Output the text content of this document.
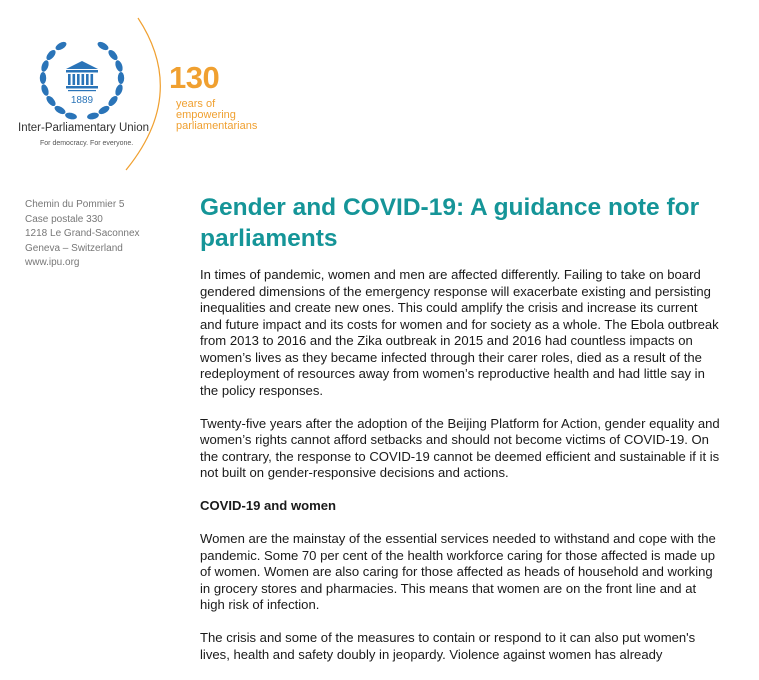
1889
Inter-Parliamentary Union
For democracy. For everyone.
130
years of
empowering
parliamentarians
Chemin du Pommier 5
Case postale 330
1218 Le Grand-Saconnex
Geneva – Switzerland
www.ipu.org
Gender and COVID-19: A guidance note for parliaments

In times of pandemic, women and men are affected differently. Failing to take on board gendered dimensions of the emergency response will exacerbate existing and persisting inequalities and create new ones. This could amplify the crisis and increase its current and future impact and its costs for women and for society as a whole. The Ebola outbreak from 2013 to 2016 and the Zika outbreak in 2015 and 2016 had countless impacts on women’s lives as they became infected through their carer roles, died as a result of the redeployment of resources away from women’s reproductive health and had little say in the policy responses.

Twenty-five years after the adoption of the Beijing Platform for Action, gender equality and women’s rights cannot afford setbacks and should not become victims of COVID-19. On the contrary, the response to COVID-19 cannot be deemed efficient and sustainable if it is not built on gender-responsive decisions and actions.

COVID-19 and women

Women are the mainstay of the essential services needed to withstand and cope with the pandemic. Some 70 per cent of the health workforce caring for those affected is made up of women. Women are also caring for those affected as heads of household and working in grocery stores and pharmacies. This means that women are on the front line and at high risk of infection.

The crisis and some of the measures to contain or respond to it can also put women's lives, health and safety doubly in jeopardy. Violence against women has already
